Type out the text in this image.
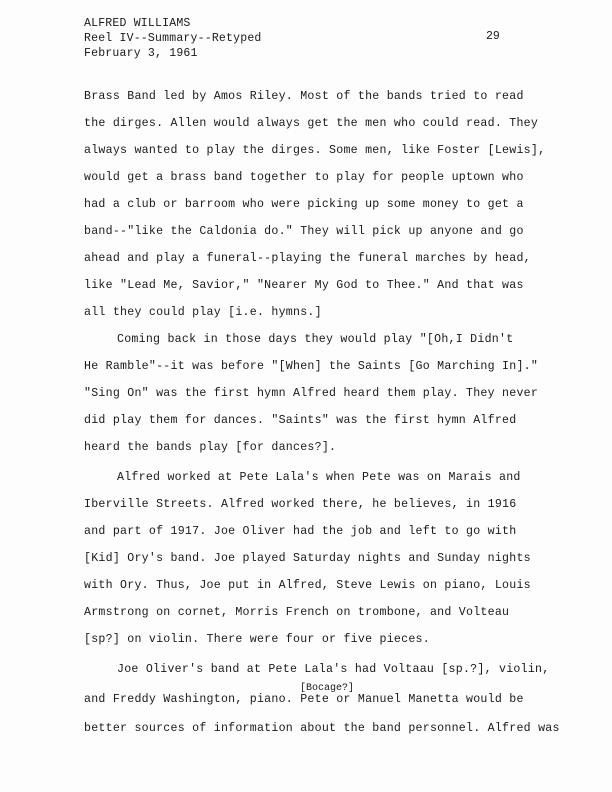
ALFRED WILLIAMS
Reel IV--Summary--Retyped
February 3, 1961
29
Brass Band led by Amos Riley. Most of the bands tried to read
the dirges. Allen would always get the men who could read. They
always wanted to play the dirges. Some men, like Foster [Lewis],
would get a brass band together to play for people uptown who
had a club or barroom who were picking up some money to get a
band--"like the Caldonia do." They will pick up anyone and go
ahead and play a funeral--playing the funeral marches by head,
like "Lead Me, Savior," "Nearer My God to Thee." And that was
all they could play [i.e. hymns.]
Coming back in those days they would play "[Oh,I Didn't
He Ramble"--it was before "[When] the Saints [Go Marching In]."
"Sing On" was the first hymn Alfred heard them play. They never
did play them for dances. "Saints" was the first hymn Alfred
heard the bands play [for dances?].
Alfred worked at Pete Lala's when Pete was on Marais and
Iberville Streets. Alfred worked there, he believes, in 1916
and part of 1917. Joe Oliver had the job and left to go with
[Kid] Ory's band. Joe played Saturday nights and Sunday nights
with Ory. Thus, Joe put in Alfred, Steve Lewis on piano, Louis
Armstrong on cornet, Morris French on trombone, and Volteau
[sp?] on violin. There were four or five pieces.
Joe Oliver's band at Pete Lala's had Voltaau [sp.?], violin,
[Bocage?]
and Freddy Washington, piano. Pete or Manuel Manetta would be
better sources of information about the band personnel. Alfred was
